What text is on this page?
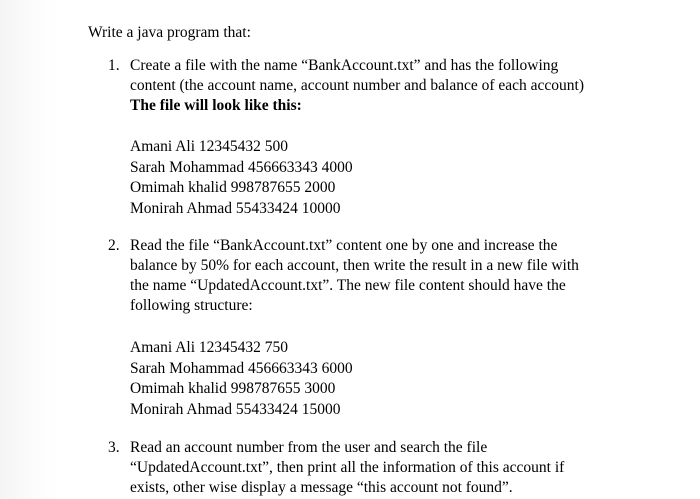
Write a java program that:
1. Create a file with the name “BankAccount.txt” and has the following
content (the account name, account number and balance of each account)
The file will look like this:
Amani Ali 12345432 500
Sarah Mohammad 456663343 4000
Omimah khalid 998787655 2000
Monirah Ahmad 55433424 10000
2. Read the file “BankAccount.txt” content one by one and increase the
balance by 50% for each account, then write the result in a new file with
the name “UpdatedAccount.txt”. The new file content should have the
following structure:
Amani Ali 12345432 750
Sarah Mohammad 456663343 6000
Omimah khalid 998787655 3000
Monirah Ahmad 55433424 15000
3. Read an account number from the user and search the file
“UpdatedAccount.txt”, then print all the information of this account if
exists, other wise display a message “this account not found”.
